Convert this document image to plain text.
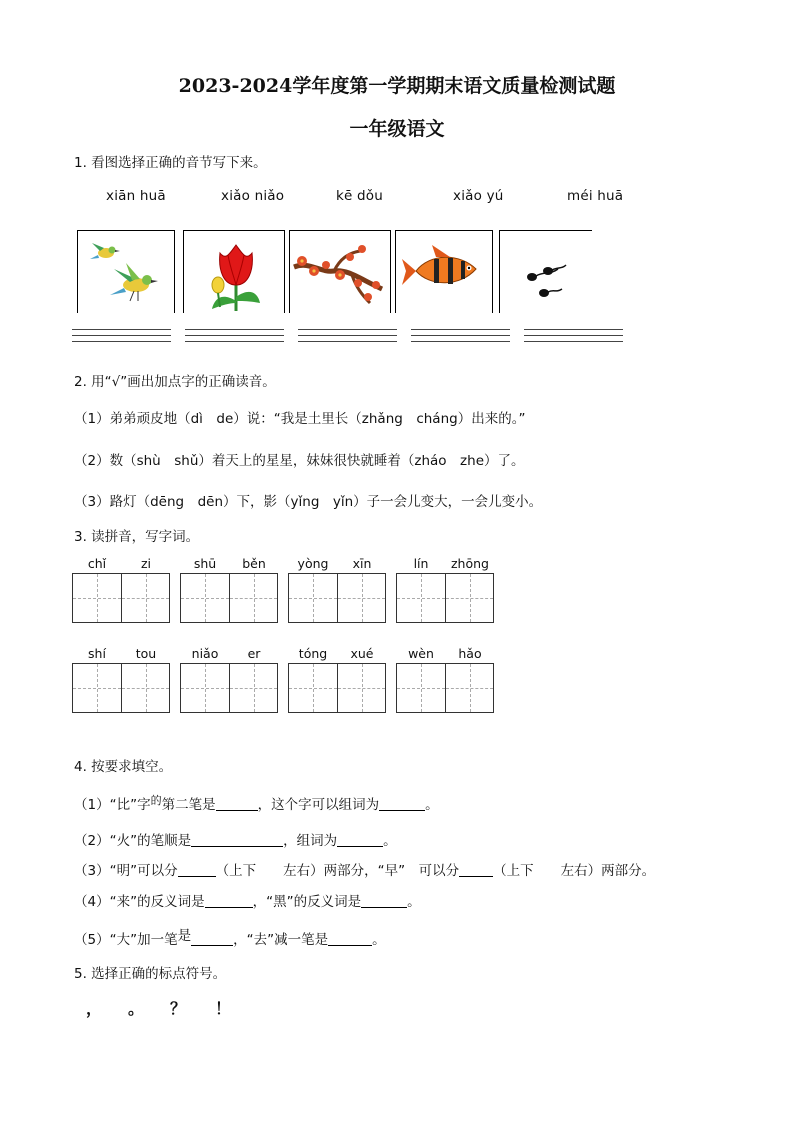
2023-2024学年度第一学期期末语文质量检测试题
一年级语文
1. 看图选择正确的音节写下来。
xiān huā	xiǎo niǎo	kē dǒu	xiǎo yú	méi huā
2. 用“√”画出加点字的正确读音。
（1）弟弟顽皮地（dì　de）说：“我是土里长（zhǎng　cháng）出来的。”
（2）数（shù　shǔ）着天上的星星，妹妹很快就睡着（zháo　zhe）了。
（3）路灯（dēng　dēn）下，影（yǐng　yǐn）子一会儿变大，一会儿变小。
3. 读拼音，写字词。
chǐ	zi	shū	běn	yòng	xīn	lín	zhōng
shí	tou	niǎo	er	tóng	xué	wèn	hǎo
4. 按要求填空。
（1）“比”字$^的$第二笔是	，这个字可以组词为	。
（2）“火”的笔顺是	，组词为	。
（3）“明”可以分	（上下　　左右）两部分，“早”　可以分	（上下　　左右）两部分。
（4）“来”的反义词是	，“黑”的反义词是	。
（5）“大”加一笔是	，“去”减一笔是	。
5. 选择正确的标点符号。
， 。 ？ ！
